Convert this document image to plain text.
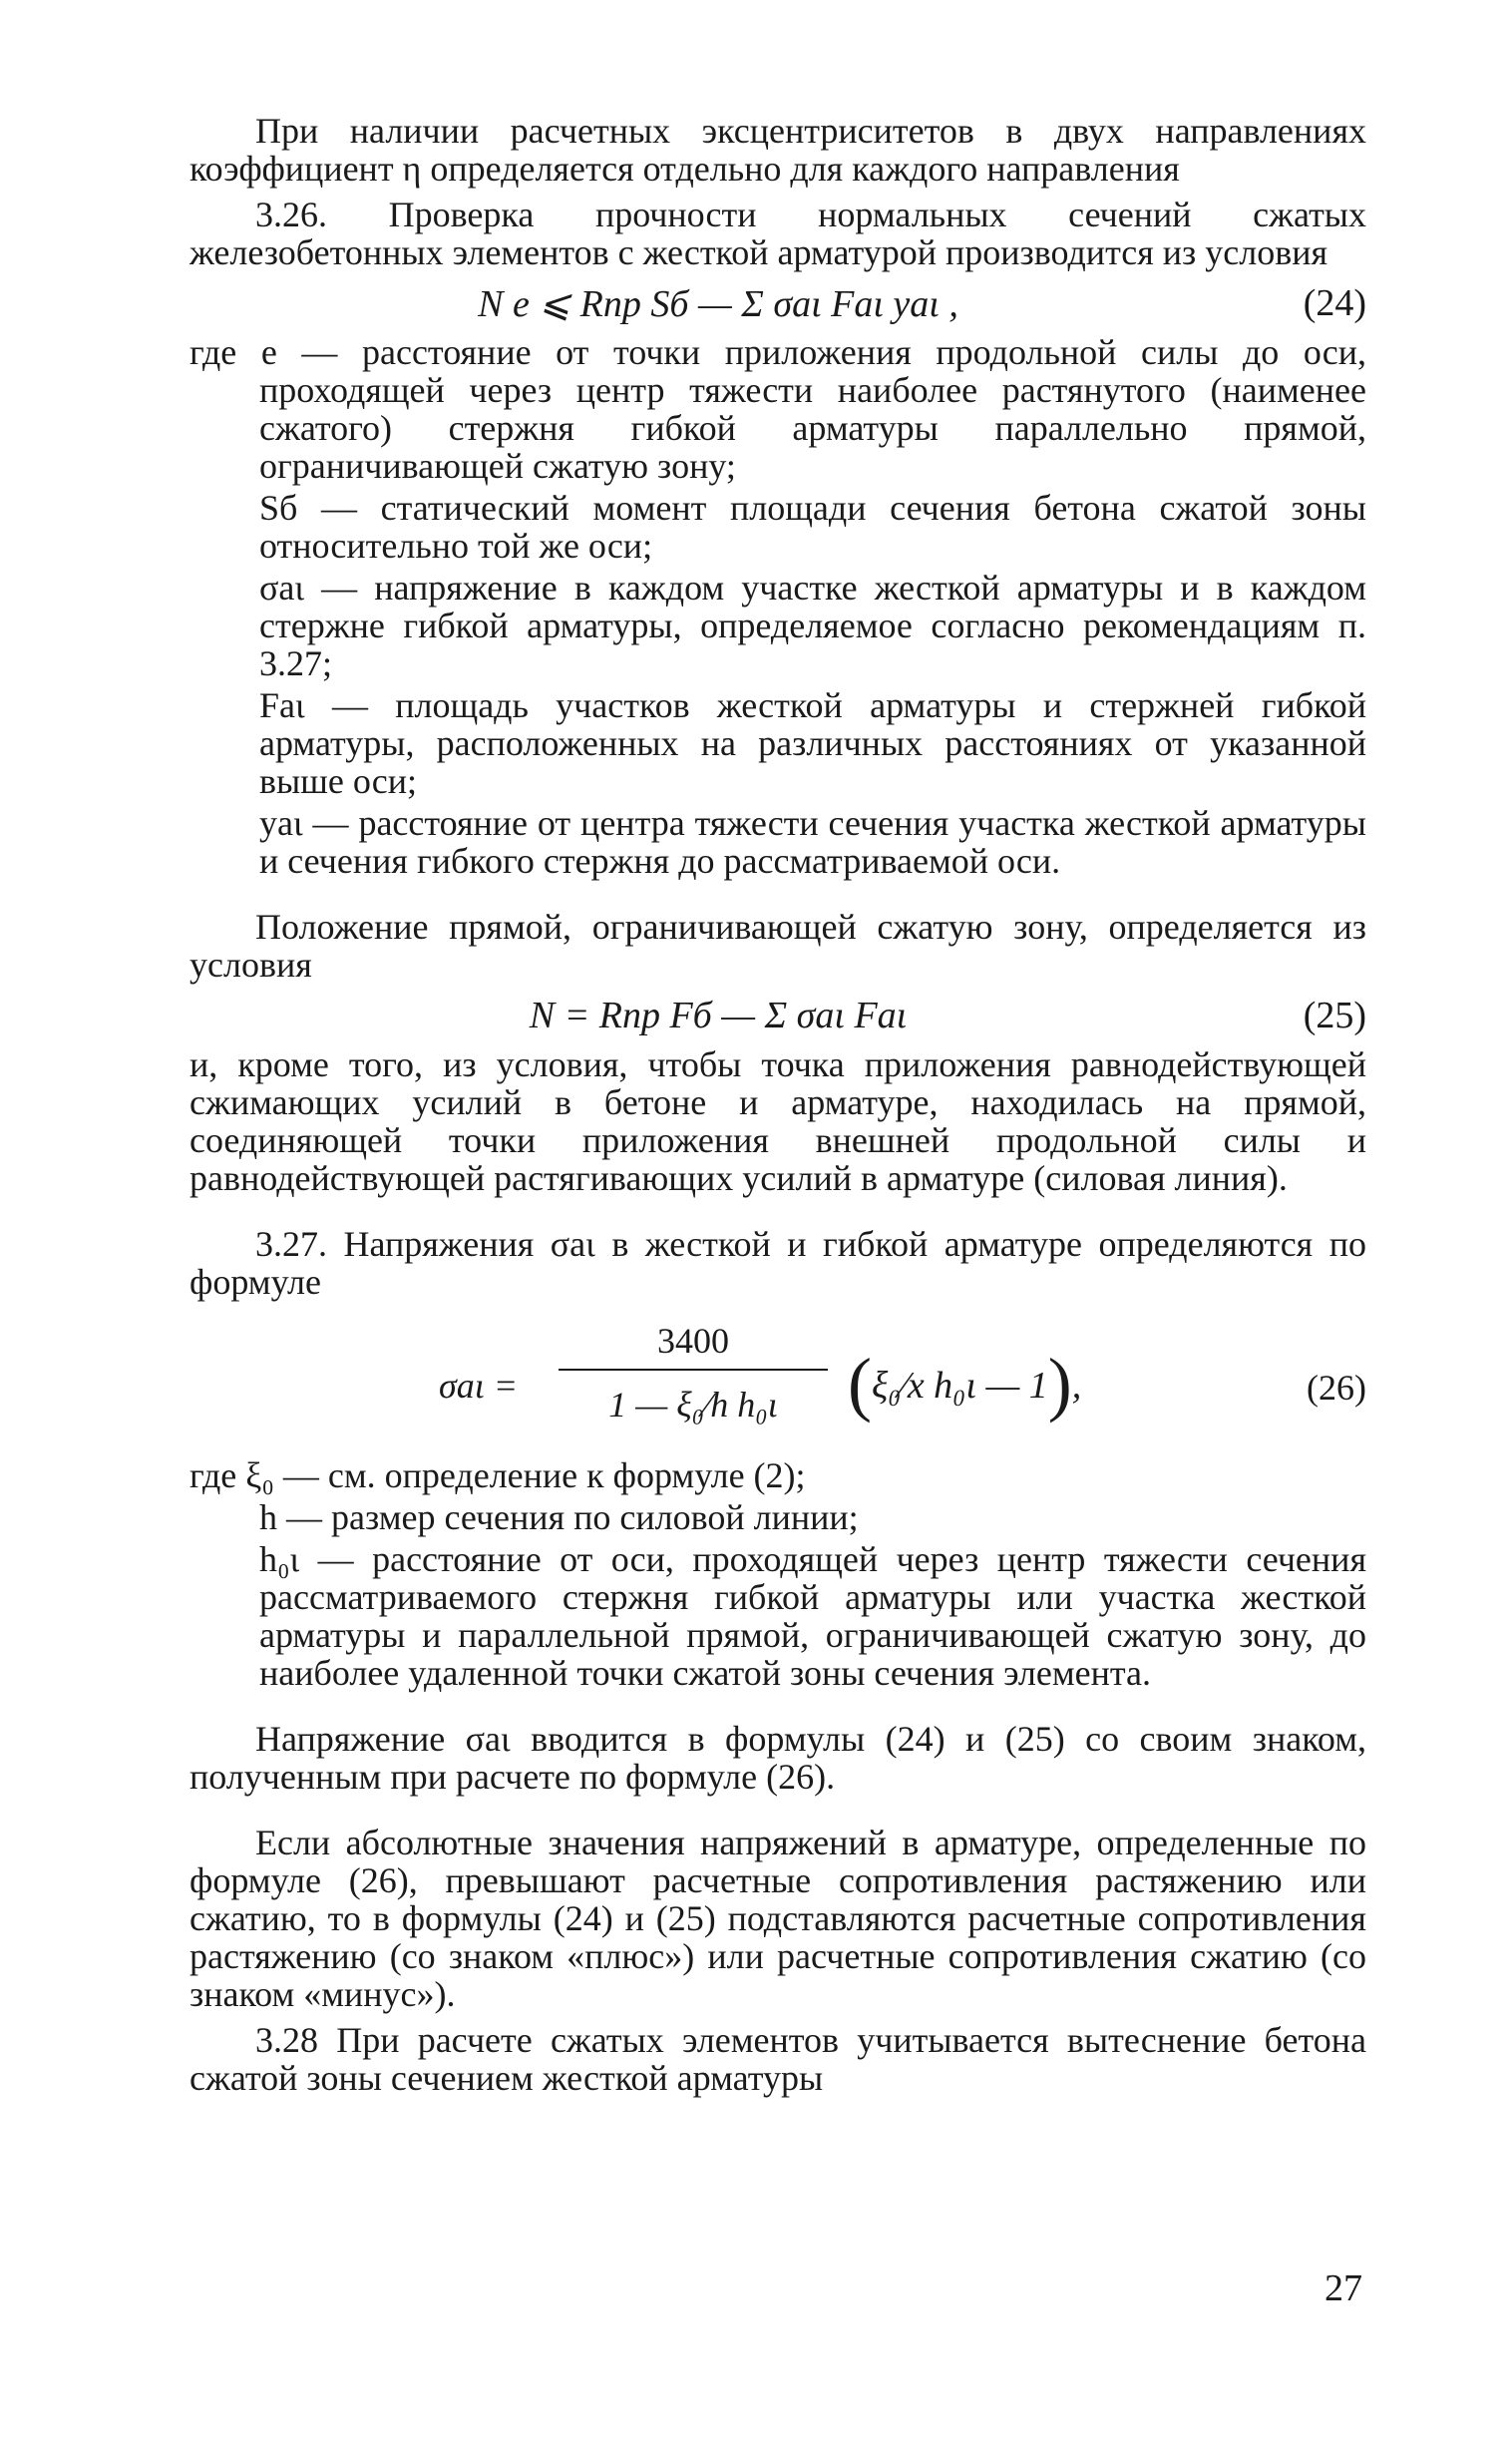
При наличии расчетных эксцентриситетов в двух направлениях коэффициент η определяется отдельно для каждого направления

3.26. Проверка прочности нормальных сечений сжатых железобетонных элементов с жесткой арматурой производится из условия

N e ⩽ Rпр Sб — Σ σaι Faι yaι ,	(24)

где e — расстояние от точки приложения продольной силы до оси, проходящей через центр тяжести наиболее растянутого (наименее сжатого) стержня гибкой арматуры параллельно прямой, ограничивающей сжатую зону;

Sб — статический момент площади сечения бетона сжатой зоны относительно той же оси;

σaι — напряжение в каждом участке жесткой арматуры и в каждом стержне гибкой арматуры, определяемое согласно рекомендациям п. 3.27;

Faι — площадь участков жесткой арматуры и стержней гибкой арматуры, расположенных на различных расстояниях от указанной выше оси;

yaι — расстояние от центра тяжести сечения участка жесткой арматуры и сечения гибкого стержня до рассматриваемой оси.

Положение прямой, ограничивающей сжатую зону, определяется из условия

N = Rпр Fб — Σ σaι Faι	(25)

и, кроме того, из условия, чтобы точка приложения равнодействующей сжимающих усилий в бетоне и арматуре, находилась на прямой, соединяющей точки приложения внешней продольной силы и равнодействующей растягивающих усилий в арматуре (силовая линия).

3.27. Напряжения σaι в жесткой и гибкой арматуре определяются по формуле

σaι =
3400
1 — ξ₀⁄h h₀ι (ξ₀⁄x h₀ι — 1),	(26)

где ξ₀ — см. определение к формуле (2);

h — размер сечения по силовой линии;

h₀ι — расстояние от оси, проходящей через центр тяжести сечения рассматриваемого стержня гибкой арматуры или участка жесткой арматуры и параллельной прямой, ограничивающей сжатую зону, до наиболее удаленной точки сжатой зоны сечения элемента.

Напряжение σaι вводится в формулы (24) и (25) со своим знаком, полученным при расчете по формуле (26).

Если абсолютные значения напряжений в арматуре, определенные по формуле (26), превышают расчетные сопротивления растяжению или сжатию, то в формулы (24) и (25) подставляются расчетные сопротивления растяжению (со знаком «плюс») или расчетные сопротивления сжатию (со знаком «минус»).

3.28 При расчете сжатых элементов учитывается вытеснение бетона сжатой зоны сечением жесткой арматуры

27
